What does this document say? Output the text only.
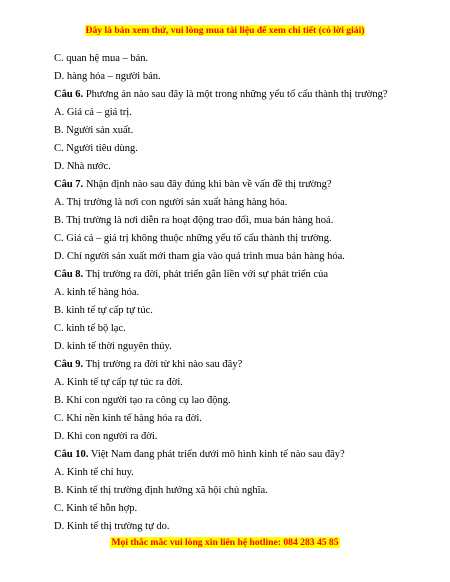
Đây là bản xem thử, vui lòng mua tài liệu để xem chi tiết (có lời giải)
C. quan hệ mua – bán.
D. hàng hóa – người bán.
Câu 6. Phương án nào sau đây là một trong những yếu tố cấu thành thị trường?
A. Giá cả – giá trị.
B. Người sản xuất.
C. Người tiêu dùng.
D. Nhà nước.
Câu 7. Nhận định nào sau đây đúng khi bàn về vấn đề thị trường?
A. Thị trường là nơi con người sản xuất hàng hàng hóa.
B. Thị trường là nơi diễn ra hoạt động trao đổi, mua bán hàng hoá.
C. Giá cả – giá trị không thuộc những yếu tố cấu thành thị trường.
D. Chỉ người sản xuất mới tham gia vào quá trình mua bán hàng hóa.
Câu 8. Thị trường ra đời, phát triển gắn liền với sự phát triển của
A. kinh tế hàng hóa.
B. kinh tế tự cấp tự túc.
C. kinh tế bộ lạc.
D. kinh tế thời nguyên thủy.
Câu 9. Thị trường ra đời từ khi nào sau đây?
A. Kinh tế tự cấp tự túc ra đời.
B. Khi con người tạo ra công cụ lao động.
C. Khi nền kinh tế hàng hóa ra đời.
D. Khi con người ra đời.
Câu 10. Việt Nam đang phát triển dưới mô hình kinh tế nào sau đây?
A. Kinh tế chỉ huy.
B. Kinh tế thị trường định hướng xã hội chủ nghĩa.
C. Kinh tế hỗn hợp.
D. Kinh tế thị trường tự do.
Mọi thắc mắc vui lòng xin liên hệ hotline: 084 283 45 85
